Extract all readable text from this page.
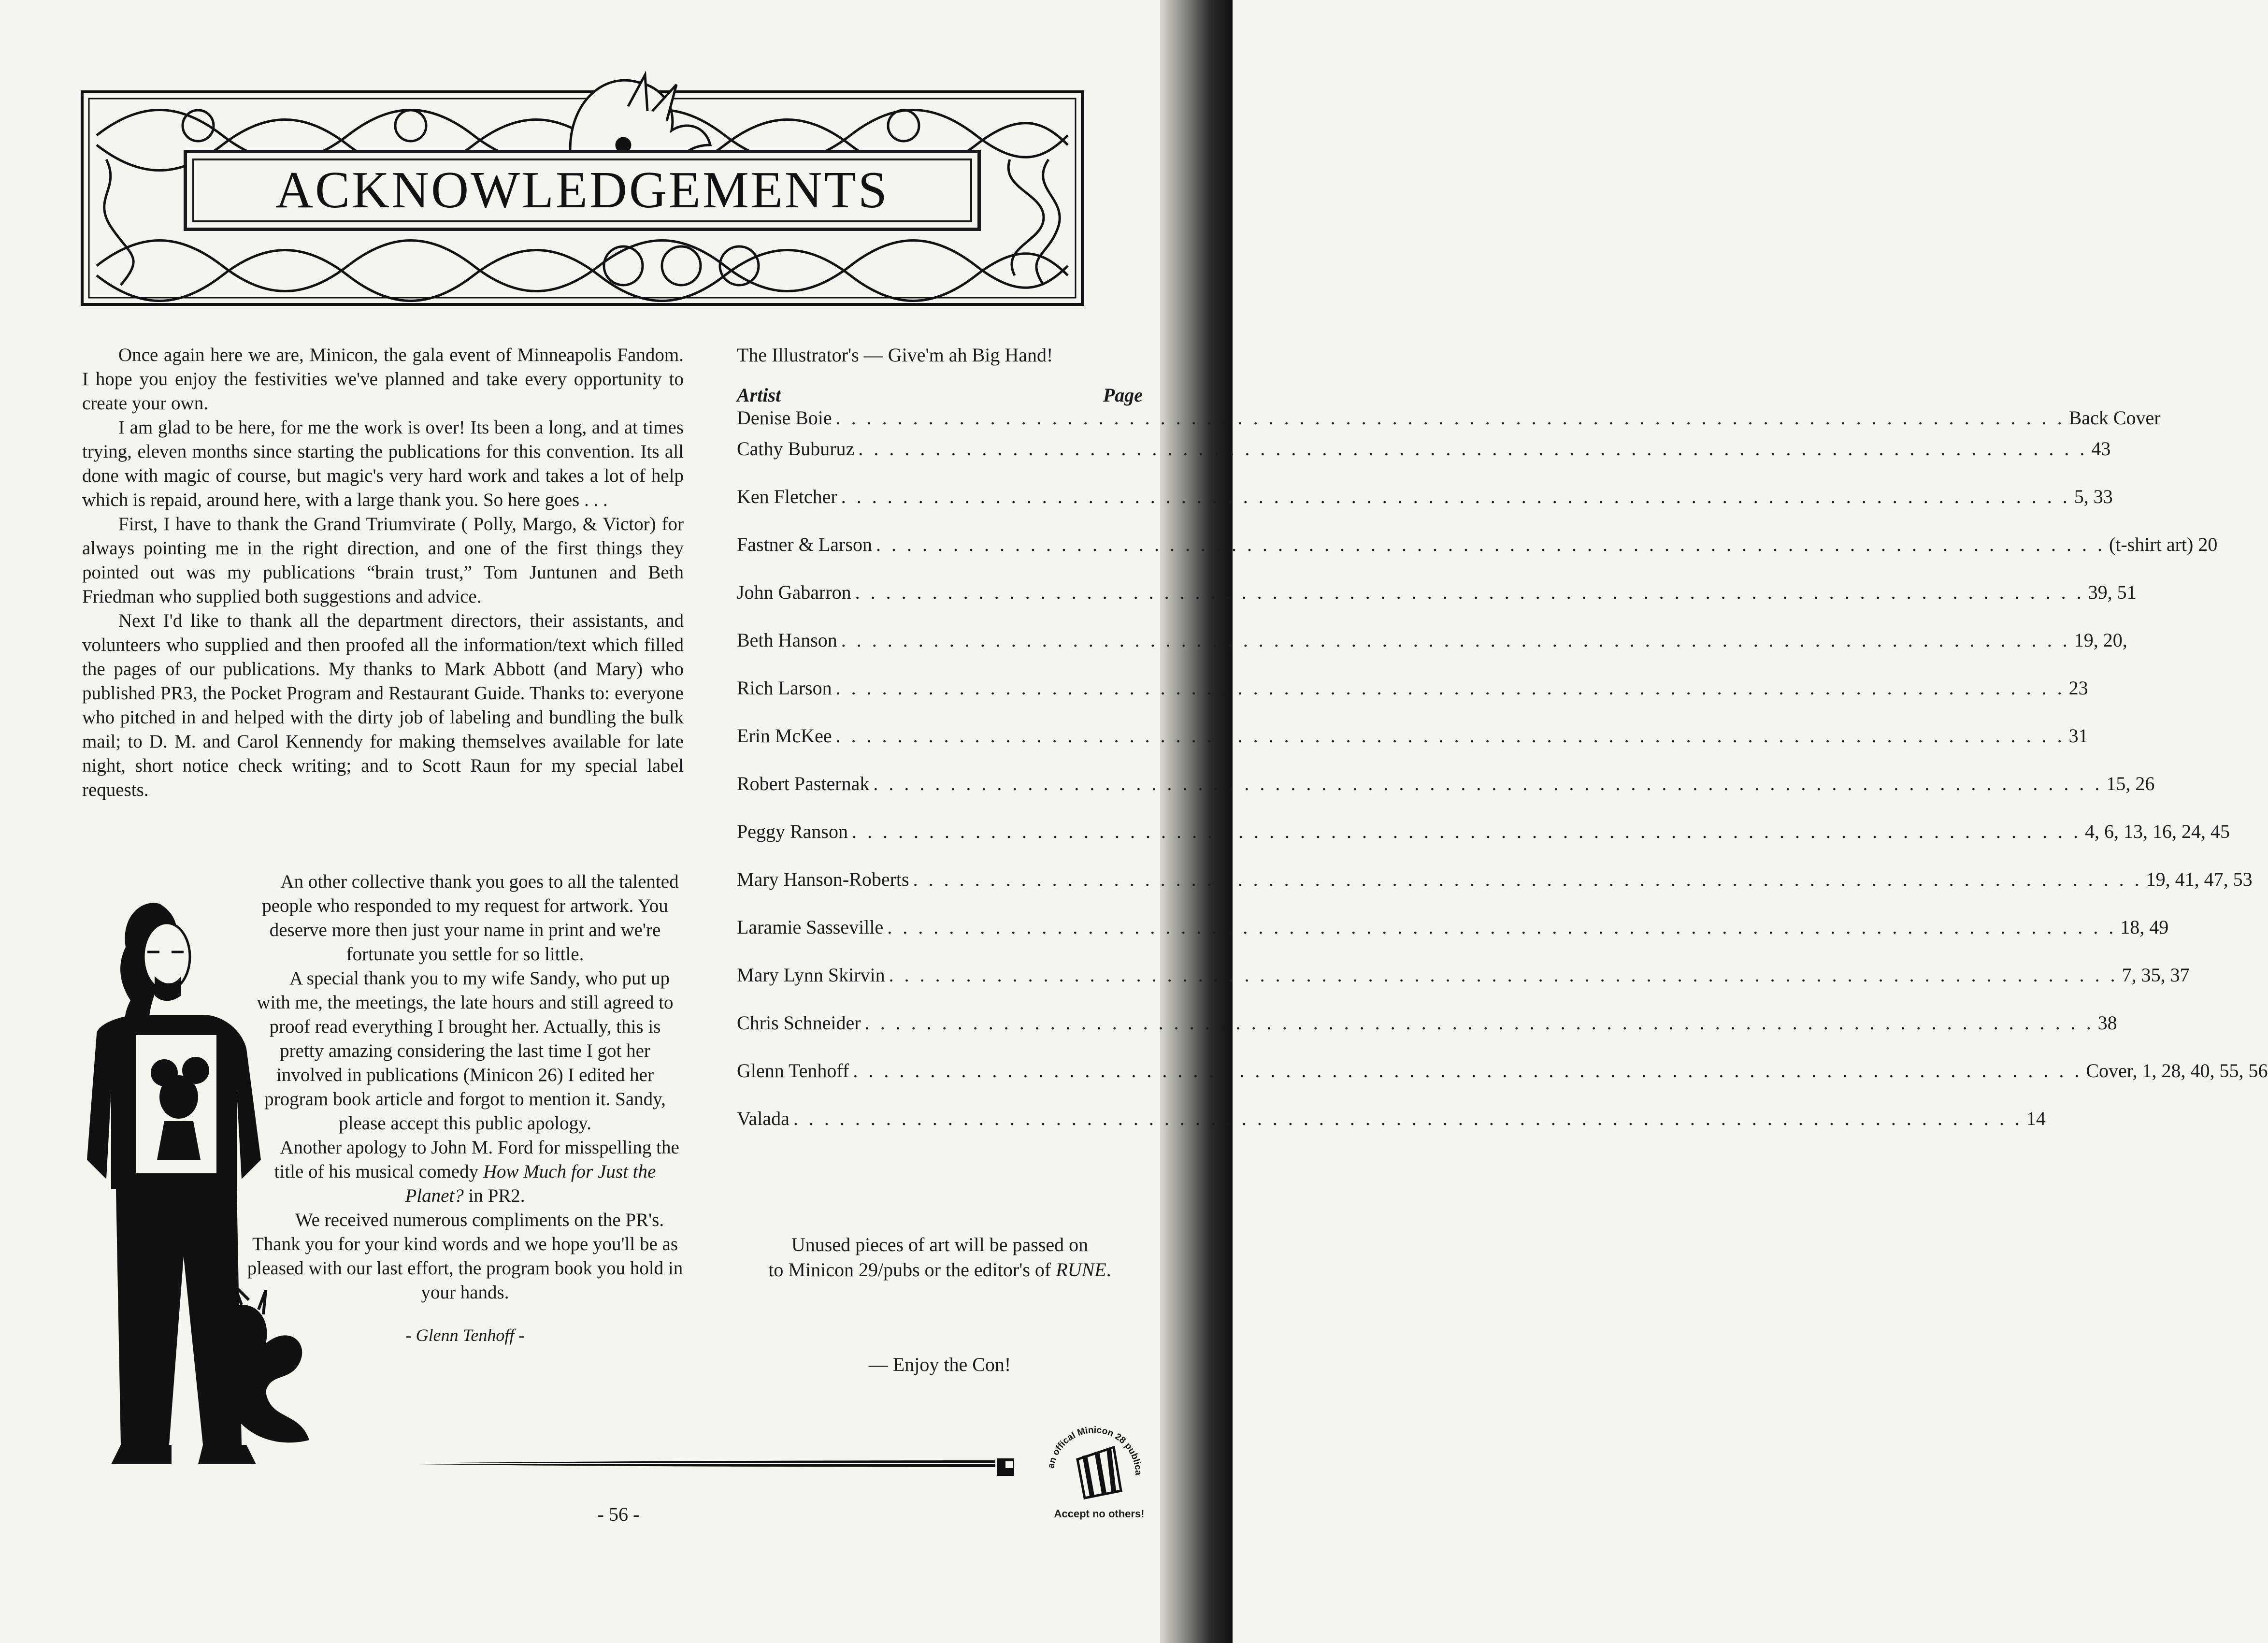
ACKNOWLEDGEMENTS

Once again here we are, Minicon, the gala event of Minneapolis Fandom. I hope you enjoy the festivities we've planned and take every opportunity to create your own.

I am glad to be here, for me the work is over! Its been a long, and at times trying, eleven months since starting the publications for this convention. Its all done with magic of course, but magic's very hard work and takes a lot of help which is repaid, around here, with a large thank you. So here goes . . .

First, I have to thank the Grand Triumvirate ( Polly, Margo, & Victor) for always pointing me in the right direction, and one of the first things they pointed out was my publications “brain trust,” Tom Juntunen and Beth Friedman who supplied both suggestions and advice.

Next I'd like to thank all the department directors, their assistants, and volunteers who supplied and then proofed all the information/text which filled the pages of our publications. My thanks to Mark Abbott (and Mary) who published PR3, the Pocket Program and Restaurant Guide. Thanks to: everyone who pitched in and helped with the dirty job of labeling and bundling the bulk mail; to D. M. and Carol Kennendy for making themselves available for late night, short notice check writing; and to Scott Raun for my special label requests.

An other collective thank you goes to all the talented people who responded to my request for artwork. You deserve more then just your name in print and we're fortunate you settle for so little.

A special thank you to my wife Sandy, who put up with me, the meetings, the late hours and still agreed to proof read everything I brought her. Actually, this is pretty amazing considering the last time I got her involved in publications (Minicon 26) I edited her program book article and forgot to mention it. Sandy, please accept this public apology.

Another apology to John M. Ford for misspelling the title of his musical comedy How Much for Just the Planet? in PR2.

We received numerous compliments on the PR's. Thank you for your kind words and we hope you'll be as pleased with our last effort, the program book you hold in your hands.

- Glenn Tenhoff -

The Illustrator's — Give'm ah Big Hand!
Artist	Page
Denise Boie . . . . . . . . . . . . . . . . . . . . . . . . . . . . . . . . . . . . . . . . . . . . . . . . . . . . . . . . . . . . . . . . . . . . . . . . . . . . . . . . Back Cover
Cathy Buburuz . . . . . . . . . . . . . . . . . . . . . . . . . . . . . . . . . . . . . . . . . . . . . . . . . . . . . . . . . . . . . . . . . . . . . . . . . . . . . . . . 43
Ken Fletcher . . . . . . . . . . . . . . . . . . . . . . . . . . . . . . . . . . . . . . . . . . . . . . . . . . . . . . . . . . . . . . . . . . . . . . . . . . . . . . . . 5, 33
Fastner & Larson . . . . . . . . . . . . . . . . . . . . . . . . . . . . . . . . . . . . . . . . . . . . . . . . . . . . . . . . . . . . . . . . . . . . . . . . . . . . . . . . (t-shirt art) 20
John Gabarron . . . . . . . . . . . . . . . . . . . . . . . . . . . . . . . . . . . . . . . . . . . . . . . . . . . . . . . . . . . . . . . . . . . . . . . . . . . . . . . . 39, 51
Beth Hanson . . . . . . . . . . . . . . . . . . . . . . . . . . . . . . . . . . . . . . . . . . . . . . . . . . . . . . . . . . . . . . . . . . . . . . . . . . . . . . . . 19, 20,
Rich Larson . . . . . . . . . . . . . . . . . . . . . . . . . . . . . . . . . . . . . . . . . . . . . . . . . . . . . . . . . . . . . . . . . . . . . . . . . . . . . . . . 23
Erin McKee . . . . . . . . . . . . . . . . . . . . . . . . . . . . . . . . . . . . . . . . . . . . . . . . . . . . . . . . . . . . . . . . . . . . . . . . . . . . . . . . 31
Robert Pasternak . . . . . . . . . . . . . . . . . . . . . . . . . . . . . . . . . . . . . . . . . . . . . . . . . . . . . . . . . . . . . . . . . . . . . . . . . . . . . . . . 15, 26
Peggy Ranson . . . . . . . . . . . . . . . . . . . . . . . . . . . . . . . . . . . . . . . . . . . . . . . . . . . . . . . . . . . . . . . . . . . . . . . . . . . . . . . . 4, 6, 13, 16, 24, 45
Mary Hanson-Roberts . . . . . . . . . . . . . . . . . . . . . . . . . . . . . . . . . . . . . . . . . . . . . . . . . . . . . . . . . . . . . . . . . . . . . . . . . . . . . . . . 19, 41, 47, 53
Laramie Sasseville . . . . . . . . . . . . . . . . . . . . . . . . . . . . . . . . . . . . . . . . . . . . . . . . . . . . . . . . . . . . . . . . . . . . . . . . . . . . . . . . 18, 49
Mary Lynn Skirvin . . . . . . . . . . . . . . . . . . . . . . . . . . . . . . . . . . . . . . . . . . . . . . . . . . . . . . . . . . . . . . . . . . . . . . . . . . . . . . . . 7, 35, 37
Chris Schneider . . . . . . . . . . . . . . . . . . . . . . . . . . . . . . . . . . . . . . . . . . . . . . . . . . . . . . . . . . . . . . . . . . . . . . . . . . . . . . . . 38
Glenn Tenhoff . . . . . . . . . . . . . . . . . . . . . . . . . . . . . . . . . . . . . . . . . . . . . . . . . . . . . . . . . . . . . . . . . . . . . . . . . . . . . . . . Cover, 1, 28, 40, 55, 56
Valada . . . . . . . . . . . . . . . . . . . . . . . . . . . . . . . . . . . . . . . . . . . . . . . . . . . . . . . . . . . . . . . . . . . . . . . . . . . . . . . . 14
Unused pieces of art will be passed on
to Minicon 29/pubs or the editor's of RUNE.
— Enjoy the Con!
an offical Minicon 28 publica
Accept no others!
- 56 -
